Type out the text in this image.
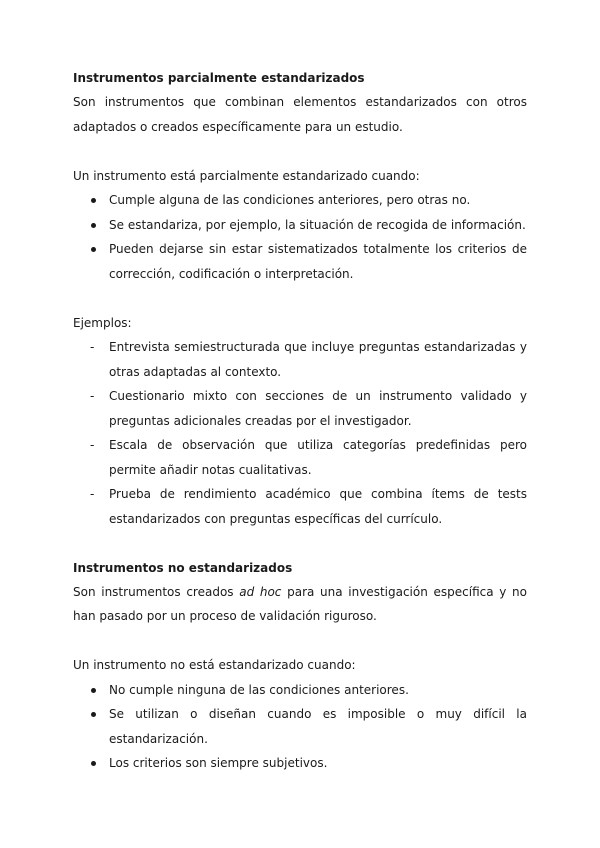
Instrumentos parcialmente estandarizados

Son instrumentos que combinan elementos estandarizados con otros adaptados o creados específicamente para un estudio.

Un instrumento está parcialmente estandarizado cuando:

Cumple alguna de las condiciones anteriores, pero otras no.
Se estandariza, por ejemplo, la situación de recogida de información.
Pueden dejarse sin estar sistematizados totalmente los criterios de corrección, codificación o interpretación.

Ejemplos:

- Entrevista semiestructurada que incluye preguntas estandarizadas y otras adaptadas al contexto.
- Cuestionario mixto con secciones de un instrumento validado y preguntas adicionales creadas por el investigador.
- Escala de observación que utiliza categorías predefinidas pero permite añadir notas cualitativas.
- Prueba de rendimiento académico que combina ítems de tests estandarizados con preguntas específicas del currículo.

Instrumentos no estandarizados

Son instrumentos creados ad hoc para una investigación específica y no han pasado por un proceso de validación riguroso.

Un instrumento no está estandarizado cuando:

No cumple ninguna de las condiciones anteriores.
Se utilizan o diseñan cuando es imposible o muy difícil la estandarización.
Los criterios son siempre subjetivos.
